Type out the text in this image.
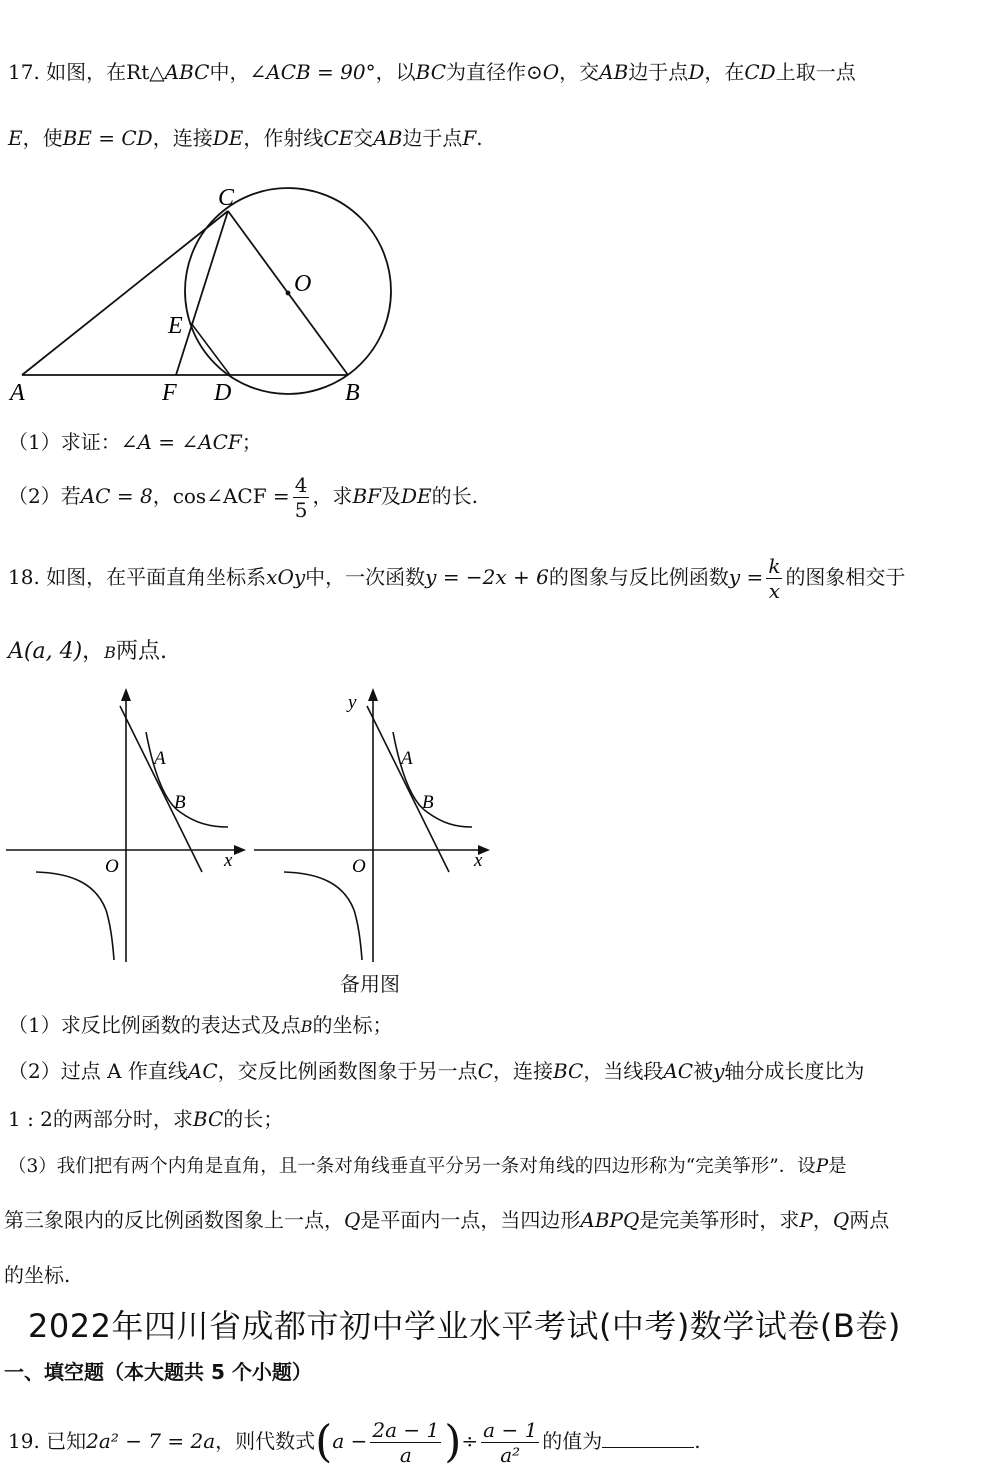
17. 如图，在Rt△ABC中，∠ACB = 90°，以BC为直径作⊙O，交AB边于点D，在CD上取一点
E，使BE = CD，连接DE，作射线CE交AB边于点F.
C
O
E
A	F D	B
（1）求证：∠A = ∠ACF；
（2）若AC = 8，cos∠ACF = $\frac{4}{5}$ ，求BF及DE的长.
18. 如图，在平面直角坐标系xOy中，一次函数y = −2x + 6的图象与反比例函数$y = \frac{k}{x}$ 的图象相交于
A(a, 4)，B两点.
A
B
O	x
y
A
B
O	x
备用图
（1）求反比例函数的表达式及点B的坐标；
（2）过点 A 作直线AC，交反比例函数图象于另一点C，连接BC，当线段AC被y轴分成长度比为
1 : 2的两部分时，求BC的长；
（3）我们把有两个内角是直角，且一条对角线垂直平分另一条对角线的四边形称为“完美筝形”．设P是
第三象限内的反比例函数图象上一点，Q是平面内一点，当四边形ABPQ是完美筝形时，求P，Q两点
的坐标.
2022年四川省成都市初中学业水平考试(中考)数学试卷(B卷)
一、填空题（本大题共 5 个小题）
19. 已知2a² − 7 = 2a，则代数式($a - \frac{2a - 1}{a}$ )÷ $\frac{a - 1}{\text{a²}}$ 的值为	.
